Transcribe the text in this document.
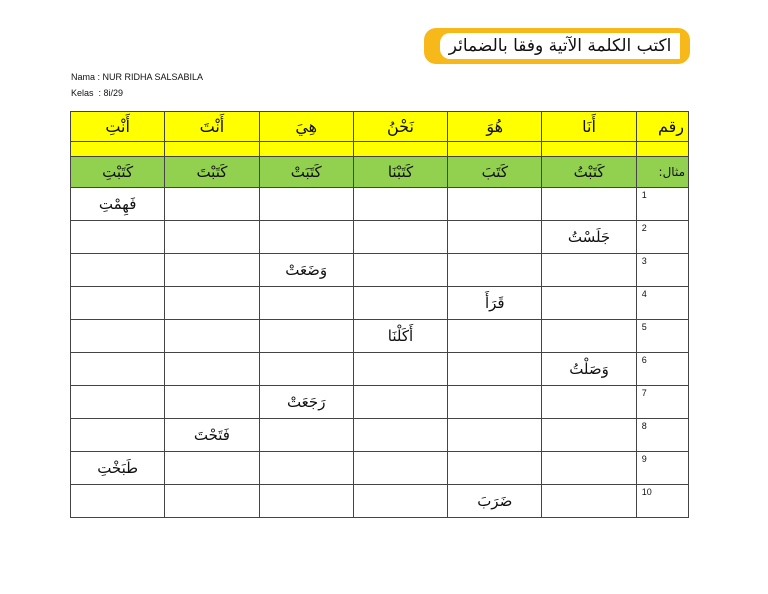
اكتب الكلمة الآتية وفقا بالضمائر
Nama : NUR RIDHA SALSABILA
Kelas  : 8i/29
أَنْتِ	أَنْتَ	هِيَ	نَحْنُ	هُوَ	أَنَا	رقم

كَتَبْتِ	كَتَبْتَ	كَتَبَتْ	كَتَبْنَا	كَتَبَ	كَتَبْتُ	مثال:
فَهِمْتِ						1
					جَلَسْتُ	2
		وَضَعَتْ				3
				قَرَأَ		4
			أَكَلْنَا			5
					وَصَلْتُ	6
		رَجَعَتْ				7
	فَتَحْتَ					8
طَبَخْتِ						9
				ضَرَبَ		10
